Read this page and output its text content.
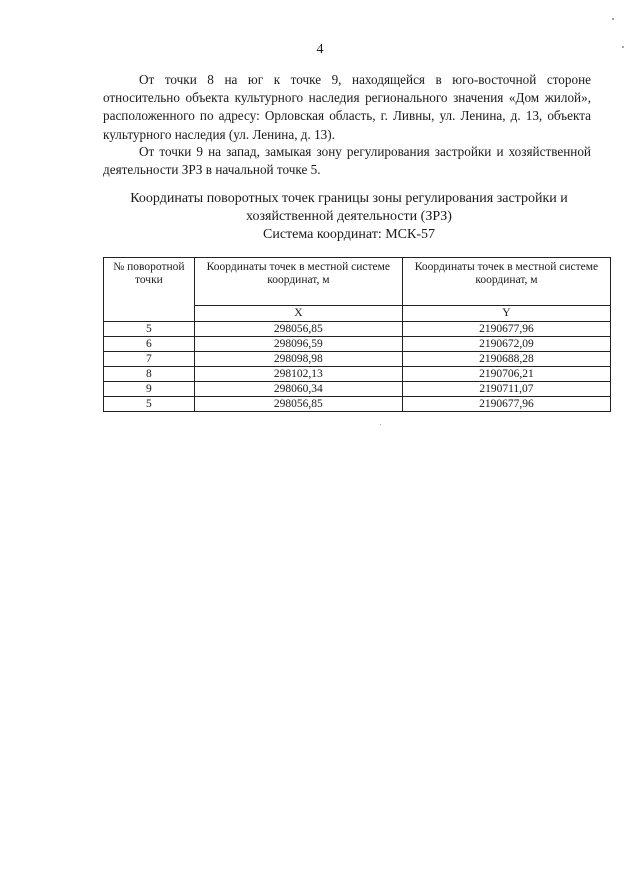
4

От точки 8 на юг к точке 9, находящейся в юго-восточной стороне относительно объекта культурного наследия регионального значения «Дом жилой», расположенного по адресу: Орловская область, г. Ливны, ул. Ленина, д. 13, объекта культурного наследия (ул. Ленина, д. 13).

От точки 9 на запад, замыкая зону регулирования застройки и хозяйственной деятельности ЗРЗ в начальной точке 5.

Координаты поворотных точек границы зоны регулирования застройки и
хозяйственной деятельности (ЗРЗ)
Система координат: МСК-57
№ поворотной точки	Координаты точек в местной системе координат, м	Координаты точек в местной системе координат, м
	X	Y
5	298056,85	2190677,96
6	298096,59	2190672,09
7	298098,98	2190688,28
8	298102,13	2190706,21
9	298060,34	2190711,07
5	298056,85	2190677,96
